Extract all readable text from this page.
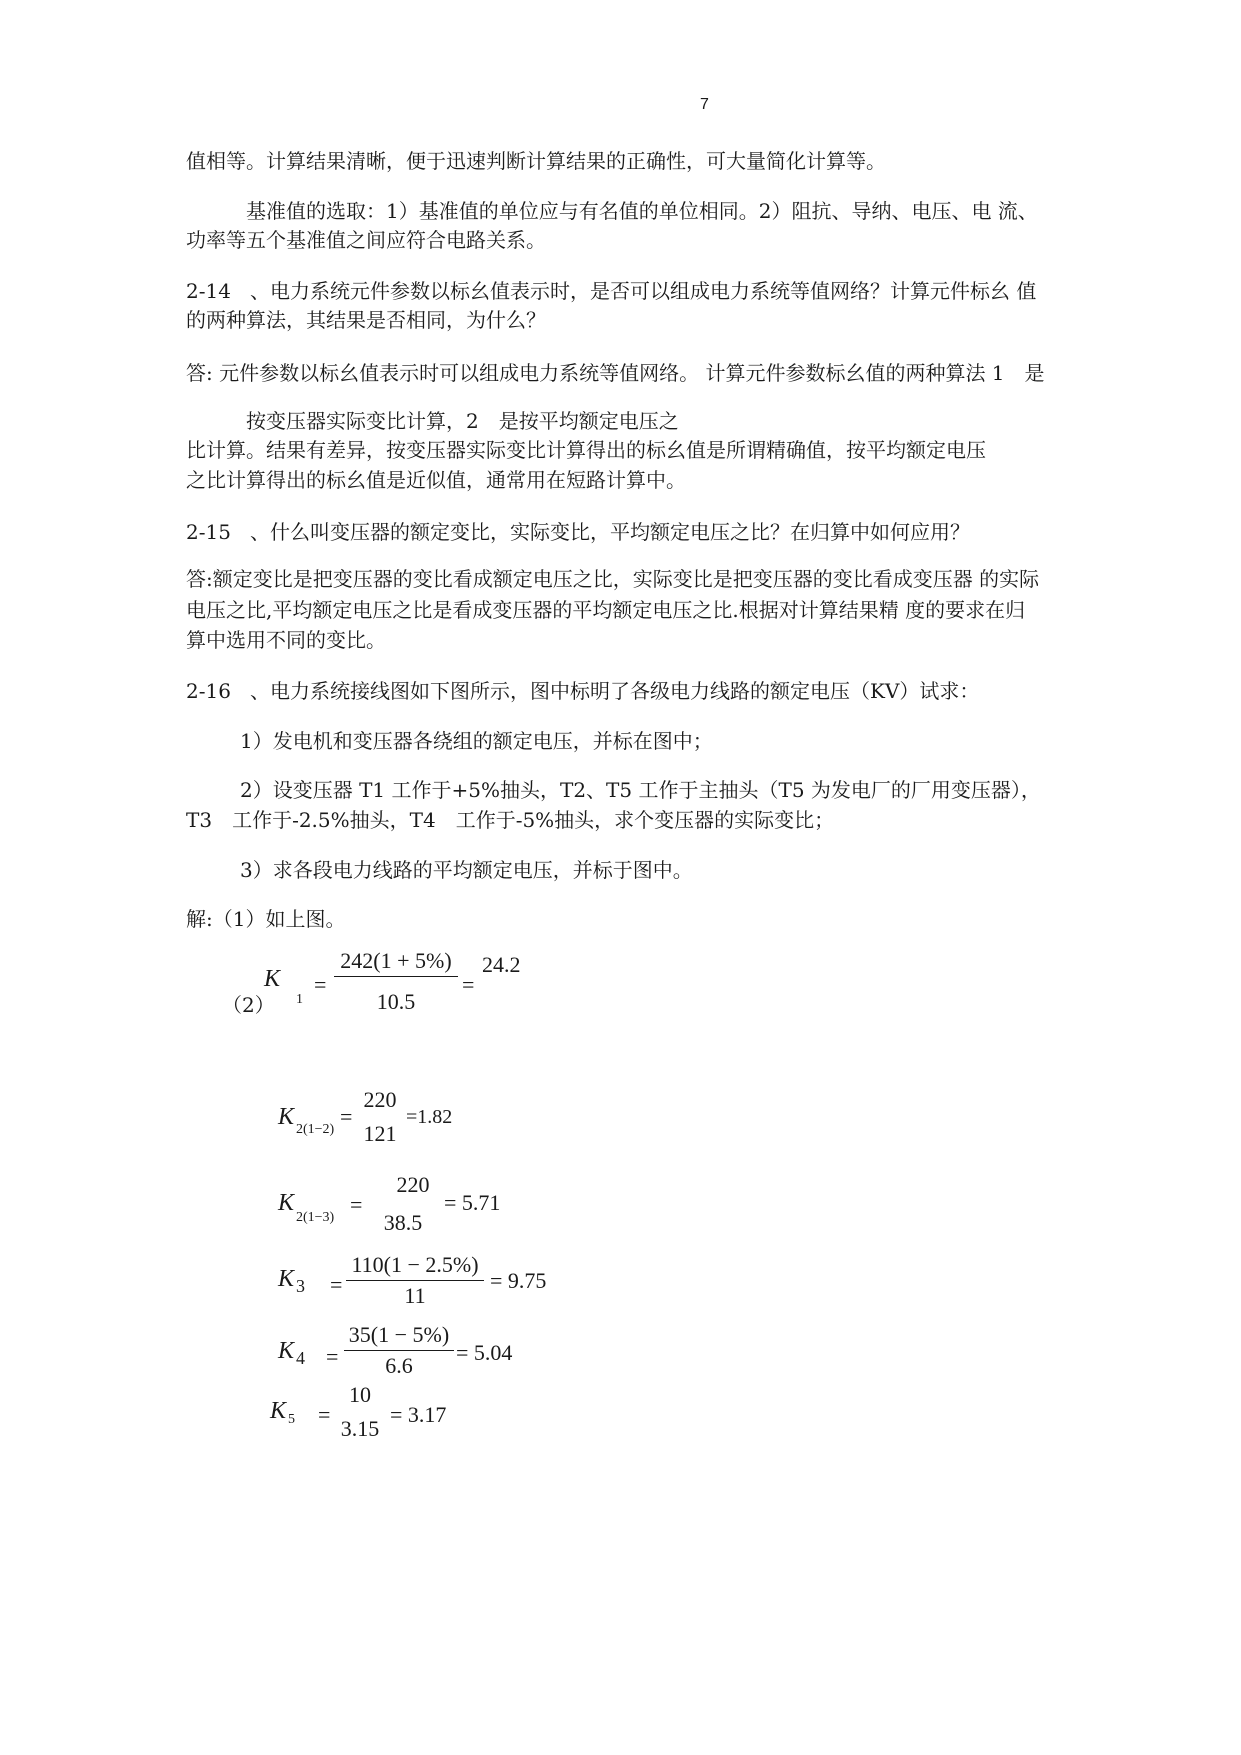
7
值相等。计算结果清晰，便于迅速判断计算结果的正确性，可大量简化计算等。
基准值的选取：1）基准值的单位应与有名值的单位相同。2）阻抗、导纳、电压、电 流、
功率等五个基准值之间应符合电路关系。
2-14 、电力系统元件参数以标幺值表示时，是否可以组成电力系统等值网络？计算元件标幺 值
的两种算法，其结果是否相同，为什么？
答: 元件参数以标幺值表示时可以组成电力系统等值网络。 计算元件参数标幺值的两种算法 1　是
按变压器实际变比计算，2　是按平均额定电压之
比计算。结果有差异，按变压器实际变比计算得出的标幺值是所谓精确值，按平均额定电压
之比计算得出的标幺值是近似值，通常用在短路计算中。
2-15 、什么叫变压器的额定变比，实际变比，平均额定电压之比？在归算中如何应用？
答:额定变比是把变压器的变比看成额定电压之比，实际变比是把变压器的变比看成变压器 的实际
电压之比,平均额定电压之比是看成变压器的平均额定电压之比.根据对计算结果精 度的要求在归
算中选用不同的变比。
2-16 、电力系统接线图如下图所示，图中标明了各级电力线路的额定电压（KV）试求：
1）发电机和变压器各绕组的额定电压，并标在图中；
2）设变压器 T1 工作于+5%抽头，T2、T5 工作于主抽头（T5 为发电厂的厂用变压器），
T3　工作于-2.5%抽头，T4　工作于-5%抽头，求个变压器的实际变比；
3）求各段电力线路的平均额定电压，并标于图中。
解:（1）如上图。
（2）
K
1
=
242(1 + 5%)
10.5
=
24.2
K 2(1−2)
=
220
121
=1.82
K
2(1−3)
=
220
38.5
= 5.71
K 3 =
110(1 − 2.5%)
11
= 9.75
K 4 =
35(1 − 5%)
6.6
= 5.04
K 5 =
10
3.15
= 3.17
